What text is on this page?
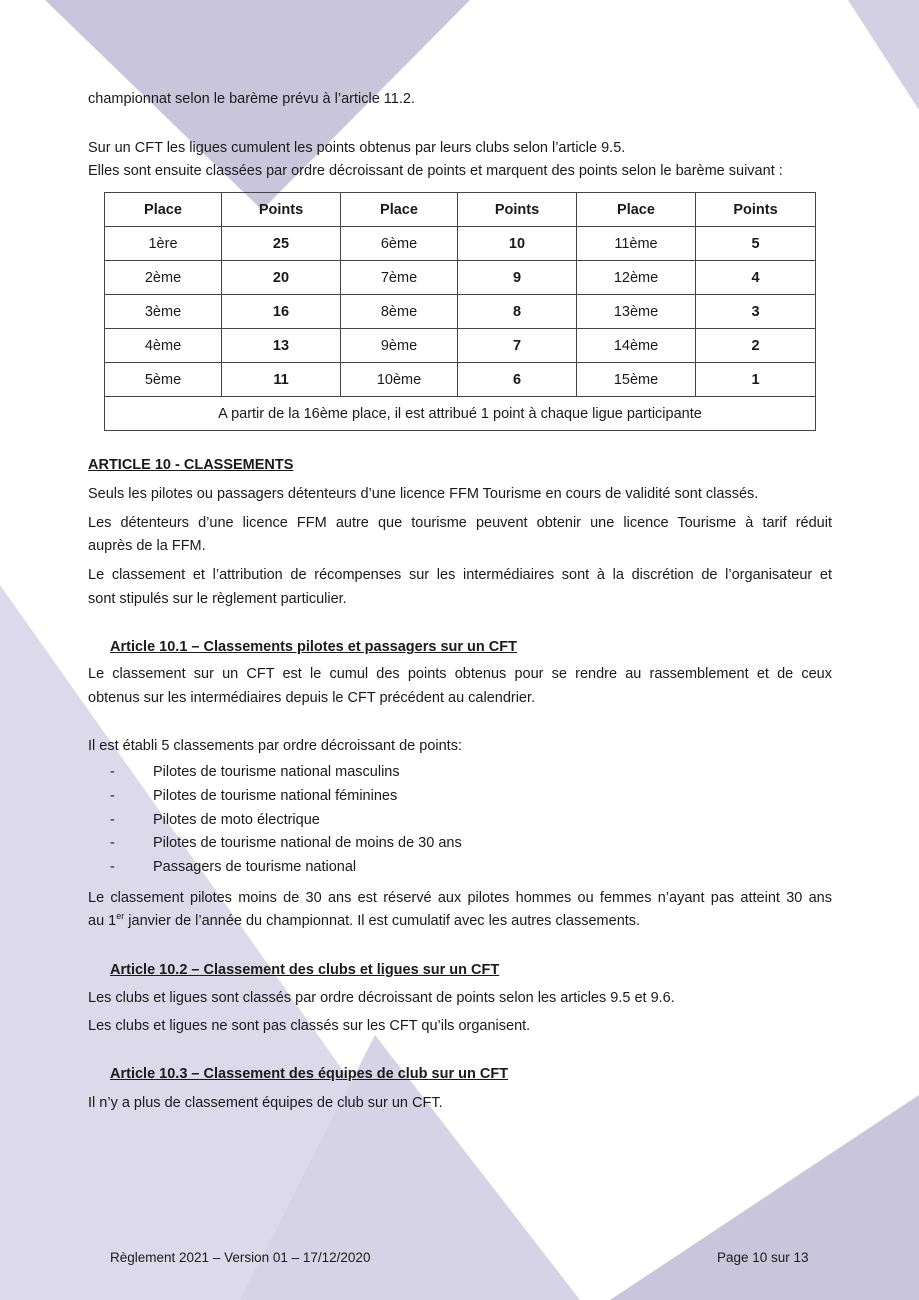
championnat selon le barème prévu à l’article 11.2.
Sur un CFT les ligues cumulent les points obtenus par leurs clubs selon l’article 9.5.
Elles sont ensuite classées par ordre décroissant de points et marquent des points selon le barème suivant :
Place	Points	Place	Points	Place	Points
1ère	25	6ème	10	11ème	5
2ème	20	7ème	9	12ème	4
3ème	16	8ème	8	13ème	3
4ème	13	9ème	7	14ème	2
5ème	11	10ème	6	15ème	1
A partir de la 16ème place, il est attribué 1 point à chaque ligue participante					
ARTICLE 10 - CLASSEMENTS
Seuls les pilotes ou passagers détenteurs d’une licence FFM Tourisme en cours de validité sont classés.
Les détenteurs d’une licence FFM autre que tourisme peuvent obtenir une licence Tourisme à tarif réduit
auprès de la FFM.
Le classement et l’attribution de récompenses sur les intermédiaires sont à la discrétion de l’organisateur et
sont stipulés sur le règlement particulier.
Article 10.1 – Classements pilotes et passagers sur un CFT
Le classement sur un CFT est le cumul des points obtenus pour se rendre au rassemblement et de ceux
obtenus sur les intermédiaires depuis le CFT précédent au calendrier.
Il est établi 5 classements par ordre décroissant de points:
-	Pilotes de tourisme national masculins
-	Pilotes de tourisme national féminines
-	Pilotes de moto électrique
-	Pilotes de tourisme national de moins de 30 ans
-	Passagers de tourisme national
Le classement pilotes moins de 30 ans est réservé aux pilotes hommes ou femmes n’ayant pas atteint 30 ans
au 1er janvier de l’année du championnat. Il est cumulatif avec les autres classements.
Article 10.2 – Classement des clubs et ligues sur un CFT
Les clubs et ligues sont classés par ordre décroissant de points selon les articles 9.5 et 9.6.
Les clubs et ligues ne sont pas classés sur les CFT qu’ils organisent.
Article 10.3 – Classement des équipes de club sur un CFT
Il n’y a plus de classement équipes de club sur un CFT.
Règlement 2021 – Version 01 – 17/12/2020	Page 10 sur 13
